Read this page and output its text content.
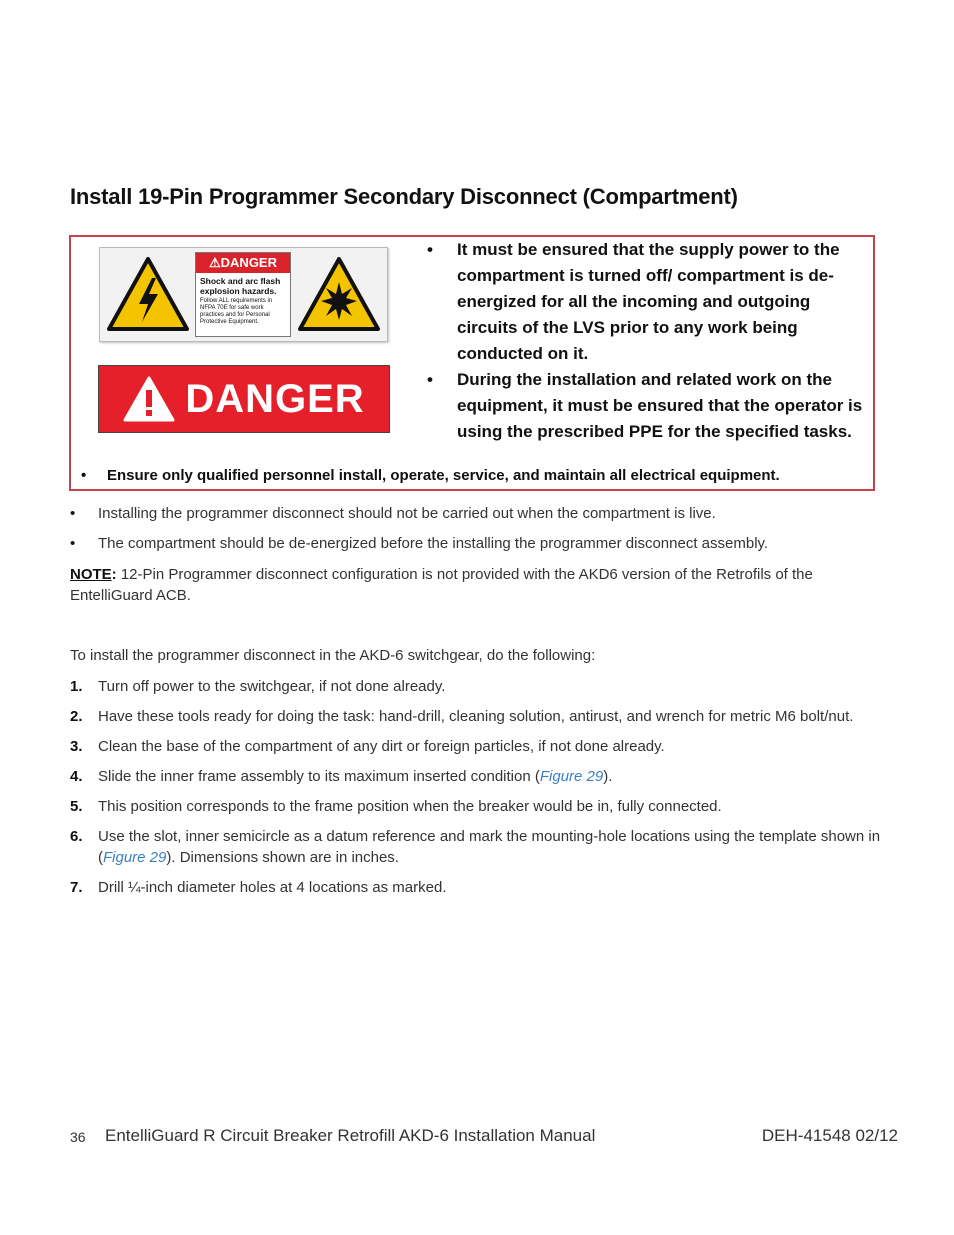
Install 19-Pin Programmer Secondary Disconnect (Compartment)
⚠DANGER
Shock and arc flash explosion hazards.
Follow ALL requirements in NFPA 70E for safe work practices and for Personal Protective Equipment.
DANGER
• It must be ensured that the supply power to the compartment is turned off/ compartment is de-energized for all the incoming and outgoing circuits of the LVS prior to any work being conducted on it.
• During the installation and related work on the equipment, it must be ensured that the operator is using the prescribed PPE for the specified tasks.
• Ensure only qualified personnel install, operate, service, and maintain all electrical equipment.
• Installing the programmer disconnect should not be carried out when the compartment is live.
• The compartment should be de-energized before the installing the programmer disconnect assembly.
NOTE: 12-Pin Programmer disconnect configuration is not provided with the AKD6 version of the Retrofils of the EntelliGuard ACB.
To install the programmer disconnect in the AKD-6 switchgear, do the following:
1. Turn off power to the switchgear, if not done already.
2. Have these tools ready for doing the task: hand-drill, cleaning solution, antirust, and wrench for metric M6 bolt/nut.
3. Clean the base of the compartment of any dirt or foreign particles, if not done already.
4. Slide the inner frame assembly to its maximum inserted condition (Figure 29).
5. This position corresponds to the frame position when the breaker would be in, fully connected.
6. Use the slot, inner semicircle as a datum reference and mark the mounting-hole locations using the template shown in (Figure 29). Dimensions shown are in inches.
7. Drill ¼-inch diameter holes at 4 locations as marked.
36 EntelliGuard R Circuit Breaker Retrofill AKD-6 Installation Manual	DEH-41548 02/12
